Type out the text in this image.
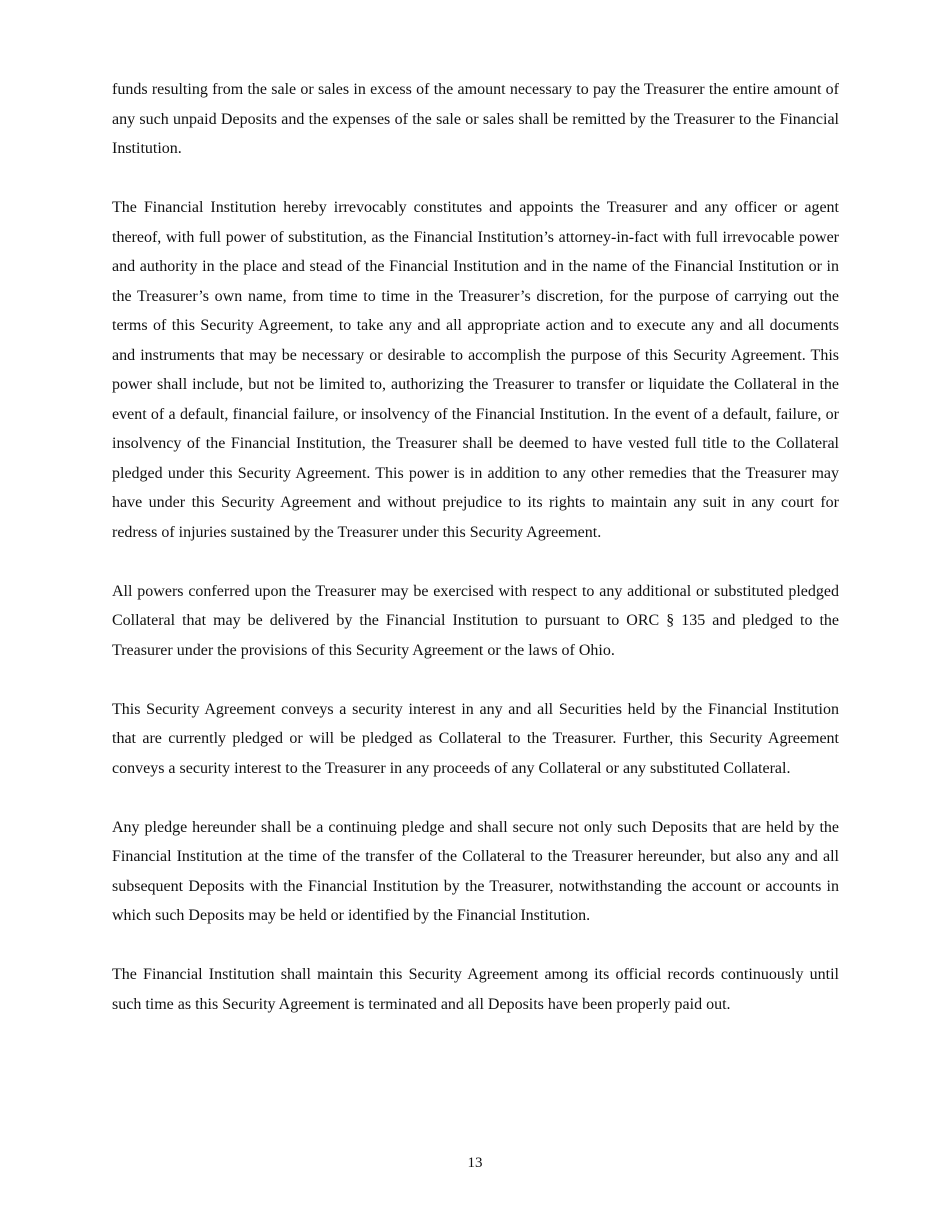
funds resulting from the sale or sales in excess of the amount necessary to pay the Treasurer the entire amount of any such unpaid Deposits and the expenses of the sale or sales shall be remitted by the Treasurer to the Financial Institution.

The Financial Institution hereby irrevocably constitutes and appoints the Treasurer and any officer or agent thereof, with full power of substitution, as the Financial Institution’s attorney-in-fact with full irrevocable power and authority in the place and stead of the Financial Institution and in the name of the Financial Institution or in the Treasurer’s own name, from time to time in the Treasurer’s discretion, for the purpose of carrying out the terms of this Security Agreement, to take any and all appropriate action and to execute any and all documents and instruments that may be necessary or desirable to accomplish the purpose of this Security Agreement. This power shall include, but not be limited to, authorizing the Treasurer to transfer or liquidate the Collateral in the event of a default, financial failure, or insolvency of the Financial Institution. In the event of a default, failure, or insolvency of the Financial Institution, the Treasurer shall be deemed to have vested full title to the Collateral pledged under this Security Agreement. This power is in addition to any other remedies that the Treasurer may have under this Security Agreement and without prejudice to its rights to maintain any suit in any court for redress of injuries sustained by the Treasurer under this Security Agreement.

All powers conferred upon the Treasurer may be exercised with respect to any additional or substituted pledged Collateral that may be delivered by the Financial Institution to pursuant to ORC § 135 and pledged to the Treasurer under the provisions of this Security Agreement or the laws of Ohio.

This Security Agreement conveys a security interest in any and all Securities held by the Financial Institution that are currently pledged or will be pledged as Collateral to the Treasurer. Further, this Security Agreement conveys a security interest to the Treasurer in any proceeds of any Collateral or any substituted Collateral.

Any pledge hereunder shall be a continuing pledge and shall secure not only such Deposits that are held by the Financial Institution at the time of the transfer of the Collateral to the Treasurer hereunder, but also any and all subsequent Deposits with the Financial Institution by the Treasurer, notwithstanding the account or accounts in which such Deposits may be held or identified by the Financial Institution.

The Financial Institution shall maintain this Security Agreement among its official records continuously until such time as this Security Agreement is terminated and all Deposits have been properly paid out.

13
